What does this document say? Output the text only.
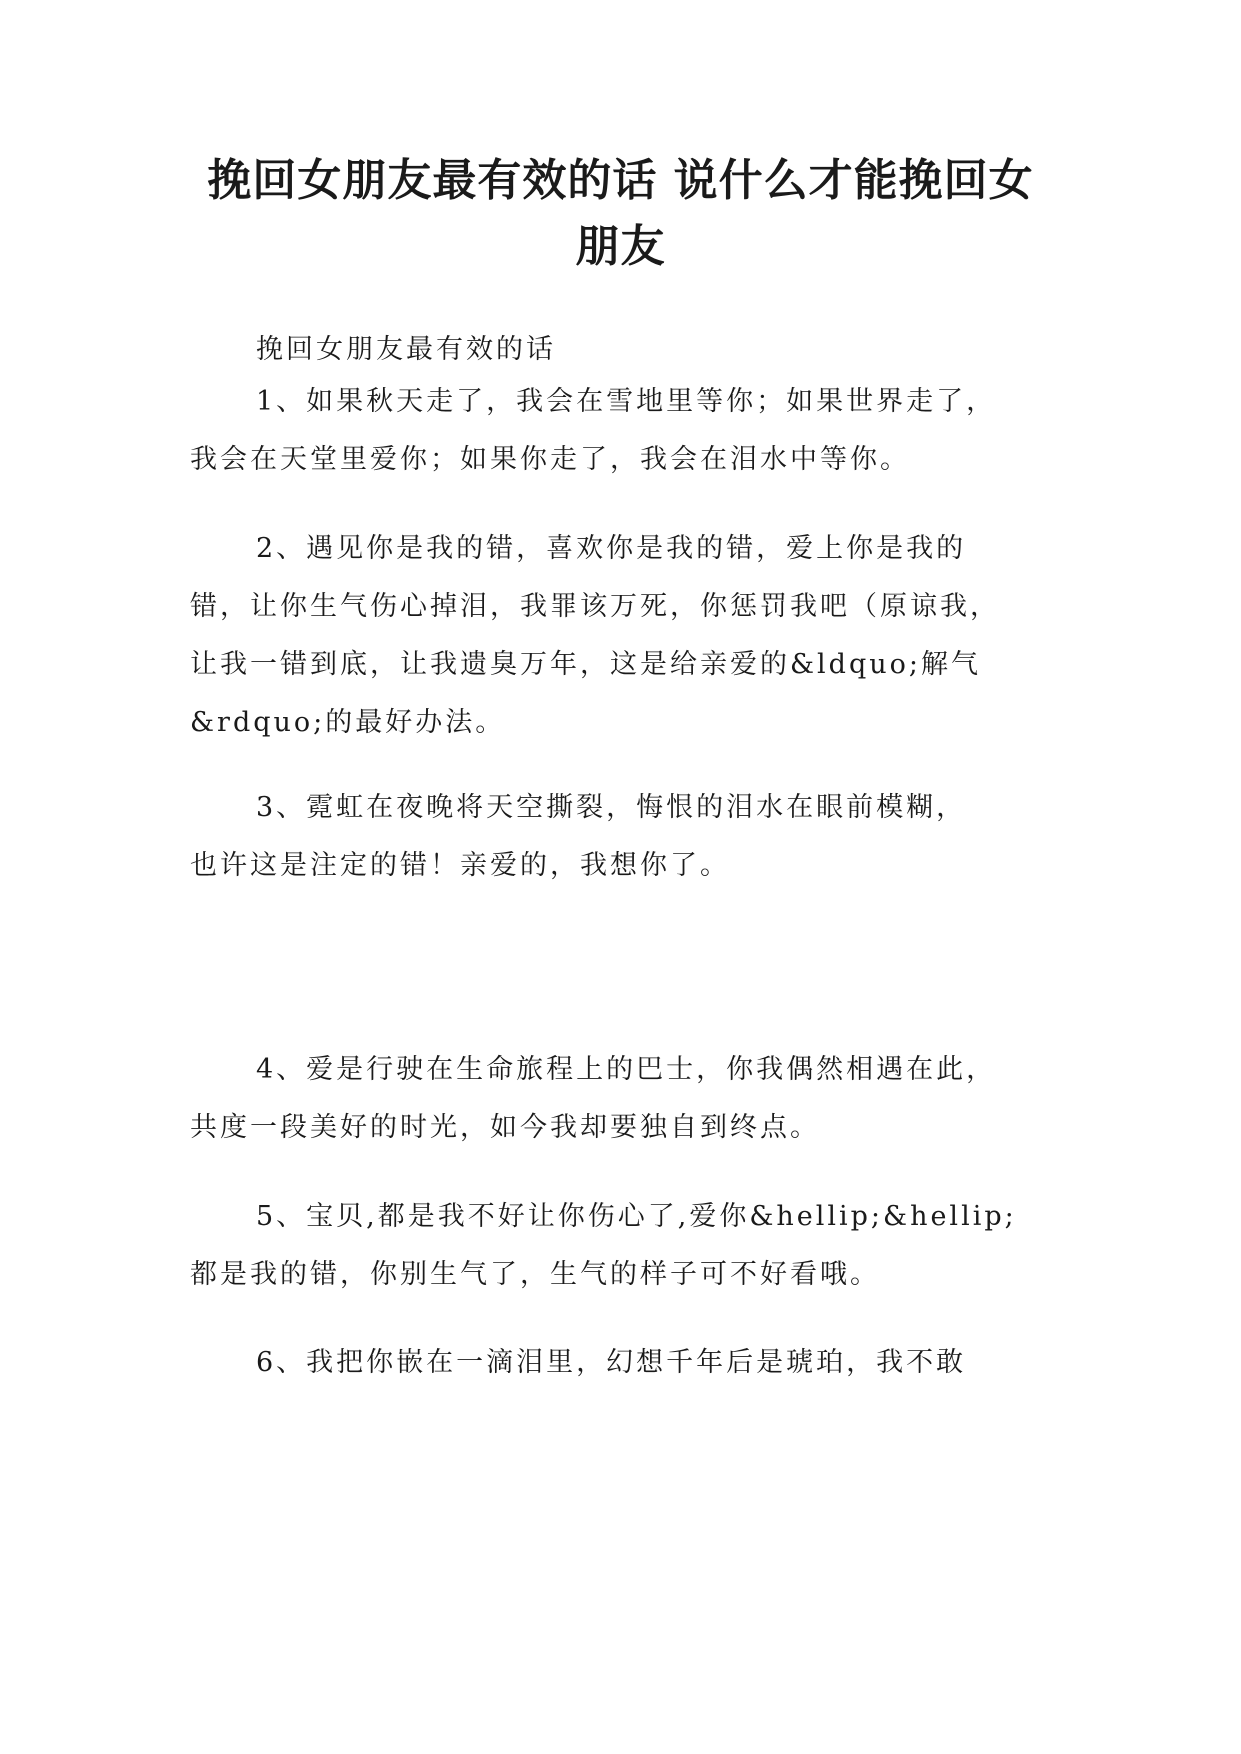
挽回女朋友最有效的话 说什么才能挽回女
朋友

挽回女朋友最有效的话

1、如果秋天走了，我会在雪地里等你；如果世界走了，
我会在天堂里爱你；如果你走了，我会在泪水中等你。

2、遇见你是我的错，喜欢你是我的错，爱上你是我的
错，让你生气伤心掉泪，我罪该万死，你惩罚我吧（原谅我，
让我一错到底，让我遗臭万年，这是给亲爱的&ldquo;解气
&rdquo;的最好办法。

3、霓虹在夜晚将天空撕裂，悔恨的泪水在眼前模糊，
也许这是注定的错！亲爱的，我想你了。

4、爱是行驶在生命旅程上的巴士，你我偶然相遇在此，
共度一段美好的时光，如今我却要独自到终点。

5、宝贝,都是我不好让你伤心了,爱你&hellip;&hellip;
都是我的错，你别生气了，生气的样子可不好看哦。

6、我把你嵌在一滴泪里，幻想千年后是琥珀，我不敢
